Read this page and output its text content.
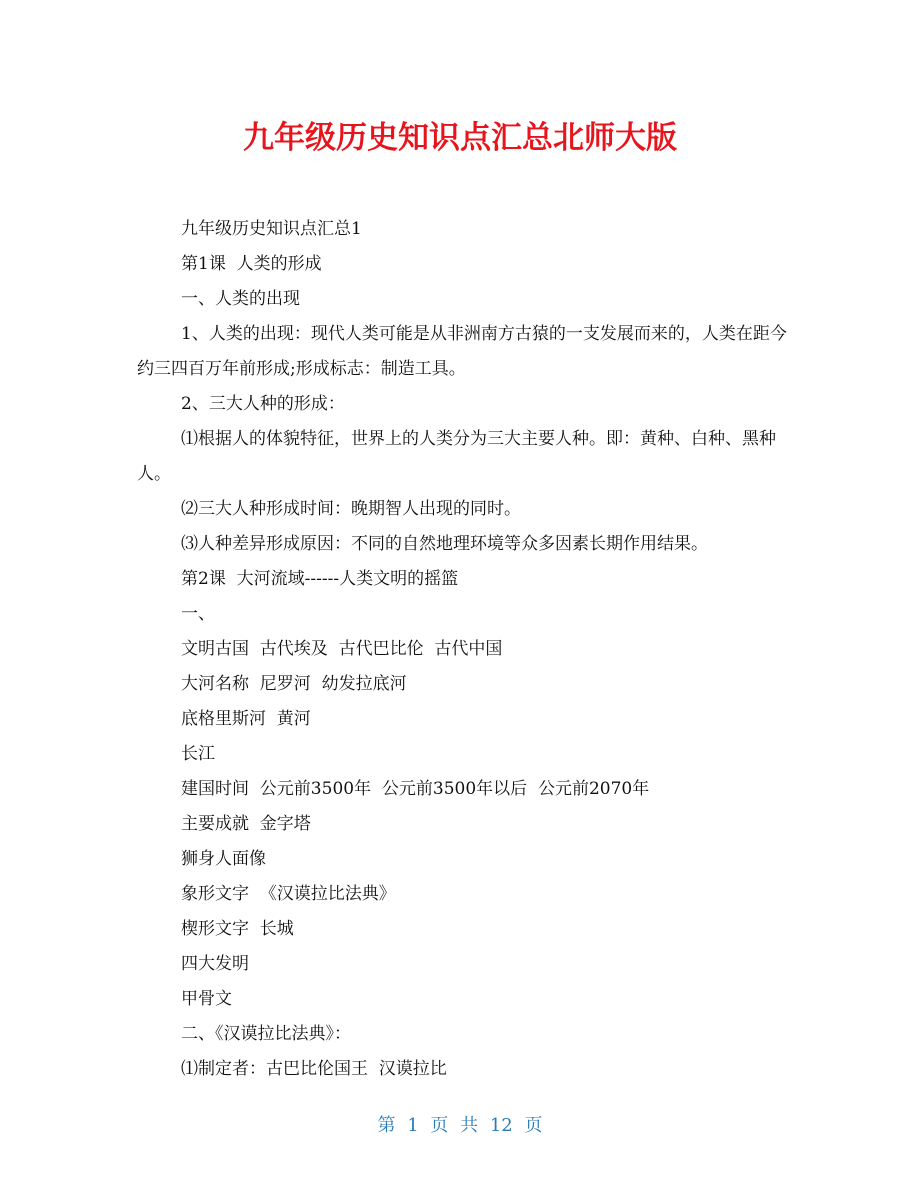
九年级历史知识点汇总北师大版

九年级历史知识点汇总1

第1课  人类的形成

一、人类的出现

1、人类的出现：现代人类可能是从非洲南方古猿的一支发展而来的，人类在距今约三四百万年前形成;形成标志：制造工具。

2、三大人种的形成：

⑴根据人的体貌特征，世界上的人类分为三大主要人种。即：黄种、白种、黑种人。

⑵三大人种形成时间：晚期智人出现的同时。

⑶人种差异形成原因：不同的自然地理环境等众多因素长期作用结果。

第2课  大河流域------人类文明的摇篮

一、

文明古国  古代埃及  古代巴比伦  古代中国

大河名称  尼罗河  幼发拉底河

底格里斯河  黄河

长江

建国时间  公元前3500年  公元前3500年以后  公元前2070年

主要成就  金字塔

狮身人面像

象形文字  《汉谟拉比法典》

楔形文字  长城

四大发明

甲骨文

二、《汉谟拉比法典》：

⑴制定者：古巴比伦国王  汉谟拉比

第 1 页 共 12 页
